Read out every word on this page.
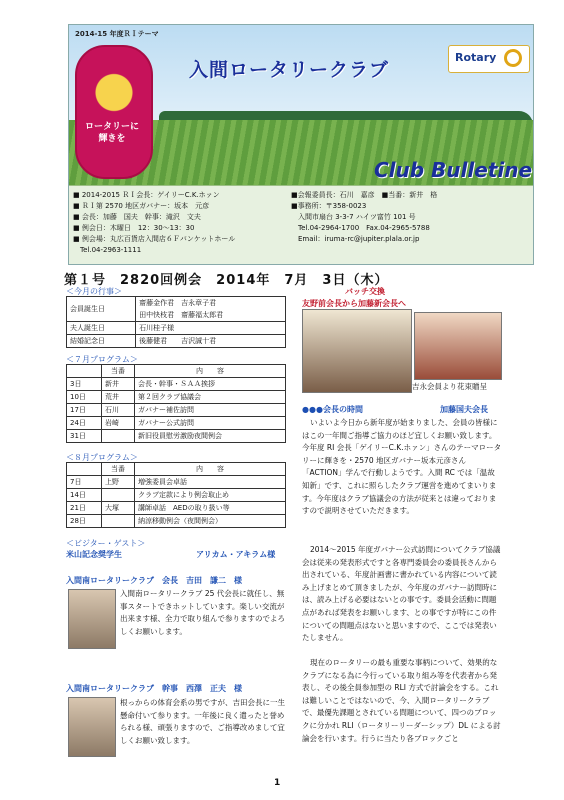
2014-15 年度ＲＩテーマ
ロータリーに
輝きを
入間ロータリークラブ
Rotary
Club Bulletine
■ 2014-2015 ＲＩ会長：ゲイリーC.K.ホァン
■ ＲＩ第 2570 地区ガバナー：坂本　元彦
■ 会長：加藤　国夫　幹事：滝沢　文夫
■ 例会日：木曜日　12：30～13：30
■ 例会場：丸広百貨店入間店６Ｆバンケットホール
　Tel.04-2963-1111
■会報委員長：石川　嘉彦　■当番：新井　格
■事務所：〒358-0023
　入間市扇台 3-3-7 ハイツ富竹 101 号
　Tel.04-2964-1700　Fax.04-2965-5788
　Email：iruma-rc@jupiter.plala.or.jp
第１号　2820回例会　2014年　7月　3日（木）
＜今月の行事＞
会員誕生日	齋藤金作君　吉永章子君
	田中快枝君　齋藤福太郎君
夫人誕生日	石川桂子様
結婚記念日	後藤健君　　吉沢誠十君
＜７月プログラム＞
	当番	内　　容
3日	新井	会長・幹事・ＳＡＡ挨拶
10日	荒井	第２回クラブ協議会
17日	石川	ガバナー補佐訪問
24日	岩崎	ガバナー公式訪問
31日		新旧役員慰労激励夜間例会
＜８月プログラム＞
	当番	内　　容
7日	上野	増強委員会卓話
14日		クラブ定款により例会取止め
21日	大塚	講師卓話　AEDの取り扱い等
28日		納涼移動例会（夜間例会）
＜ビジター・ゲスト＞
米山記念奨学生	アリカム・アキラム様
入間南ロータリークラブ　会長　吉田　謙二　様
入間南ロータリークラブ 25 代会長に就任し、無事スタートできホットしています。楽しい交流が出来ます様、全力で取り組んで参りますのでよろしくお願いします。
入間南ロータリークラブ　幹事　西澤　正夫　様
根っからの体育会系の男ですが、吉田会長に一生懸命付いて参ります。一年後に良く遣ったと誉められる様、頑張りますので、ご指導改めまして宜しくお願い致します。
バッチ交換
友野前会長から加藤新会長へ
吉永会員より花束贈呈
●●●会長の時間	加藤国夫会長
いよいよ今日から新年度が始まりました、会員の皆様にはこの一年間ご指導ご協力のほど宜しくお願い致します。今年度 RI 会長「ゲイリーC.K.ホァン」さんのテーマロータリーに輝きを・2570 地区ガバナー坂本元彦さん「ACTION」学んで行動しようです。入間 RC では「温故知新」です、これに照らしたクラブ運営を進めてまいります。今年度はクラブ協議会の方法が従来とは違っておりますので説明させていただきます。
2014～2015 年度ガバナー公式訪問についてクラブ協議会は従来の発表形式ですと各専門委員会の委員長さんから出されている、年度計画書に書かれている内容について読み上げまとめて頂きましたが、今年度のガバナー訪問時には、読み上げる必要はないとの事です。委員会活動に問題点があれば発表をお願いします、との事ですが特にこの件についての問題点はないと思いますので、ここでは発表いたしません。
現在のロータリーの最も重要な事柄について、効果的なクラブになる為に今行っている取り組み等を代表者から発表し、その後全員参加型の RLI 方式で討論会をする。これは難しいことではないので、今、入間ロータリークラブで、最優先課題とされている問題について、四つのブロックに分かれ RLI（ロータリーリーダーシップ）DL による討論会を行います。行うに当たり各ブロックごと
1
